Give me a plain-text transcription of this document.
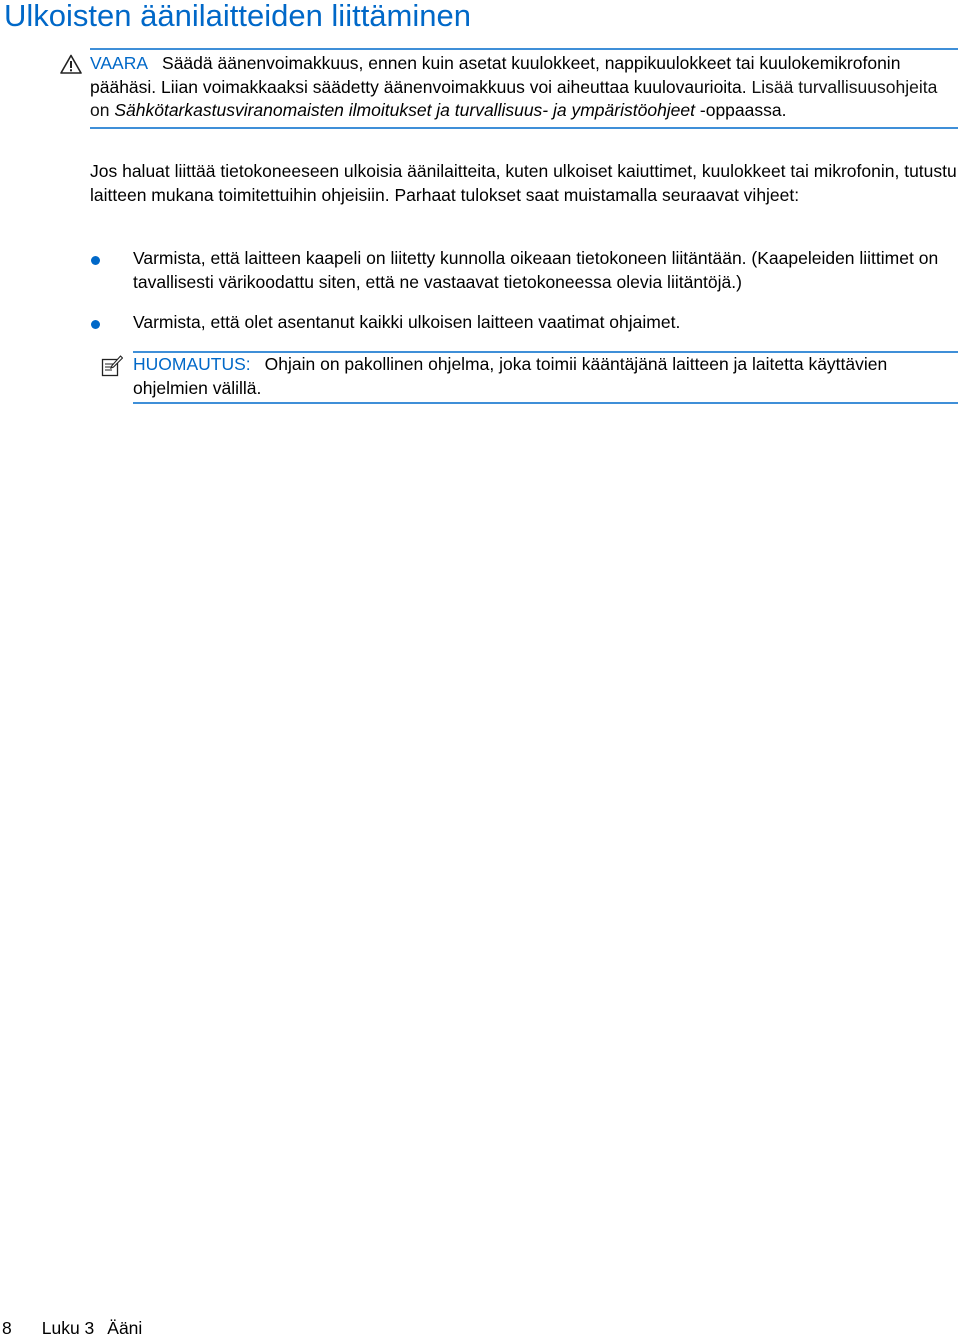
Ulkoisten äänilaitteiden liittäminen
VAARA Säädä äänenvoimakkuus, ennen kuin asetat kuulokkeet, nappikuulokkeet tai kuulokemikrofonin päähäsi. Liian voimakkaaksi säädetty äänenvoimakkuus voi aiheuttaa kuulovaurioita. Lisää turvallisuusohjeita on Sähkötarkastusviranomaisten ilmoitukset ja turvallisuus- ja ympäristöohjeet -oppaassa.

Jos haluat liittää tietokoneeseen ulkoisia äänilaitteita, kuten ulkoiset kaiuttimet, kuulokkeet tai mikrofonin, tutustu laitteen mukana toimitettuihin ohjeisiin. Parhaat tulokset saat muistamalla seuraavat vihjeet:

Varmista, että laitteen kaapeli on liitetty kunnolla oikeaan tietokoneen liitäntään. (Kaapeleiden liittimet on tavallisesti värikoodattu siten, että ne vastaavat tietokoneessa olevia liitäntöjä.)
Varmista, että olet asentanut kaikki ulkoisen laitteen vaatimat ohjaimet.
HUOMAUTUS: Ohjain on pakollinen ohjelma, joka toimii kääntäjänä laitteen ja laitetta käyttävien ohjelmien välillä.
8 Luku 3 Ääni
